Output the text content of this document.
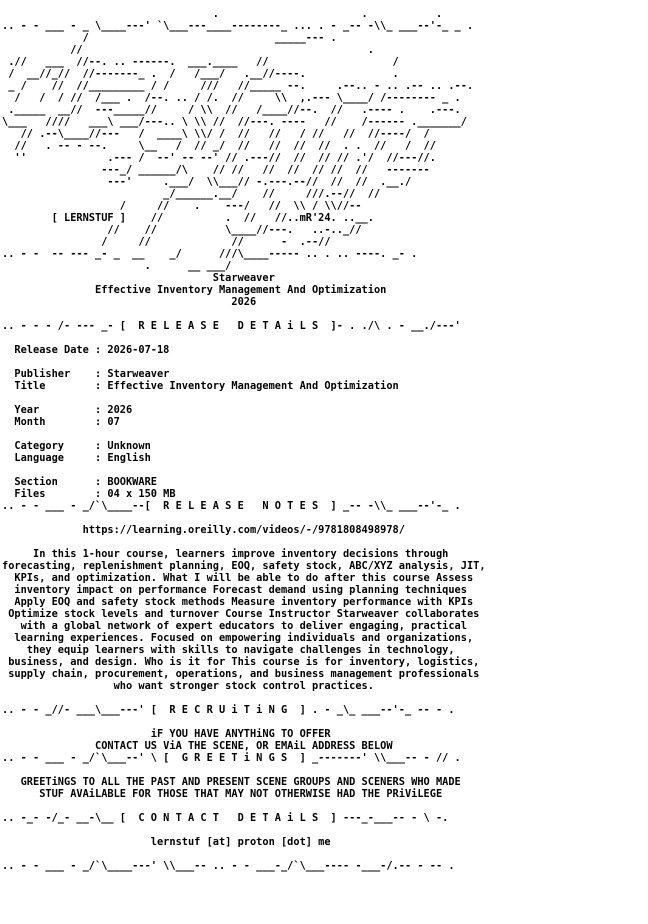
.                       .           .
.. - - ___ - _ \____---' `\___---____--------_ ... . - _-- -\\_ ___--'-_ _ .
/                              _____--- .
//                                              .
.//   ___  //--. .. ------.  ___.____   //                    /
/  __//_//  //-------_ .  /   /___/   .__//----.              .
_ /    //  //_________ / /     ///   //_____ --.     .--.. - .. .-- .. .--.
/   /  / //  /___ .  /--. .. / /.  //     \\  ,.--- \____/ /-------- _ .
._____  __//  ---_____//     / \\  //   /____//--.  //   .---- .    .---.
\___   ////   ___\ ___/---.. \ \\ //  //---. ----   //    /------ ._______/
// .--\____//---   /  ____\ \\/ /  //   //   / //   //  //----/  /
//   . -- - --.     \__   /  // _/  //   //  //  //  . .  //   /  //
''             .--- /  --' -- --' // .---//  //  // // .'/  //---//.
---_/ ______/\    // //   //  //  // //  //   -------
---'     .___/  \\___// -.---.--//  //  //  .__./
_/______.__/    //     ///.--//  //
/     //    .    ---/   //  \\ / \\//--
[ LERNSTUF ]    //          .  //   //..mR'24. ..__.
//    //           \____//---.   ..-.._//
/     //             //      -  .--//
.. - -  -- --- _- _  __    _/      ///\____----- .. . .. ----. _- .
.      __ ___/
Starweaver
Effective Inventory Management And Optimization
2026
.. - - - /- --- _- [  R E L E A S E   D E T A i L S  ]- . ./\ . - __./---'
Release Date : 2026-07-18
Publisher    : Starweaver
Title        : Effective Inventory Management And Optimization
Year         : 2026
Month        : 07
Category     : Unknown
Language     : English
Section      : BOOKWARE
Files        : 04 x 150 MB
.. - - ___ - _/`\____--[  R E L E A S E   N O T E S  ] _-- -\\_ ___--'-_ .
https://learning.oreilly.com/videos/-/9781808498978/
In this 1-hour course, learners improve inventory decisions through
forecasting, replenishment planning, EOQ, safety stock, ABC/XYZ analysis, JIT,
KPIs, and optimization. What I will be able to do after this course Assess
inventory impact on performance Forecast demand using planning techniques
Apply EOQ and safety stock methods Measure inventory performance with KPIs
Optimize stock levels and turnover Course Instructor Starweaver collaborates
with a global network of expert educators to deliver engaging, practical
learning experiences. Focused on empowering individuals and organizations,
they equip learners with skills to navigate challenges in technology,
business, and design. Who is it for This course is for inventory, logistics,
supply chain, procurement, operations, and business management professionals
who want stronger stock control practices.
.. - - _//- ___\___---' [  R E C R U i T i N G  ] . - _\_ ___--'-_ -- - .
iF YOU HAVE ANYTHiNG TO OFFER
CONTACT US ViA THE SCENE, OR EMAiL ADDRESS BELOW
.. - - ___ - _/`\___--' \ [  G R E E T i N G S  ] _-------' \\___-- - // .
GREETiNGS TO ALL THE PAST AND PRESENT SCENE GROUPS AND SCENERS WHO MADE
STUF AVAiLABLE FOR THOSE THAT MAY NOT OTHERWISE HAD THE PRiViLEGE
.. -_- -/_- __-\__ [  C O N T A C T   D E T A i L S  ] ---_-___-- - \ -.
lernstuf [at] proton [dot] me
.. - - ___ - _/`\____---' \\___-- .. - - ___-_/`\___---- -___-/.-- - -- .
